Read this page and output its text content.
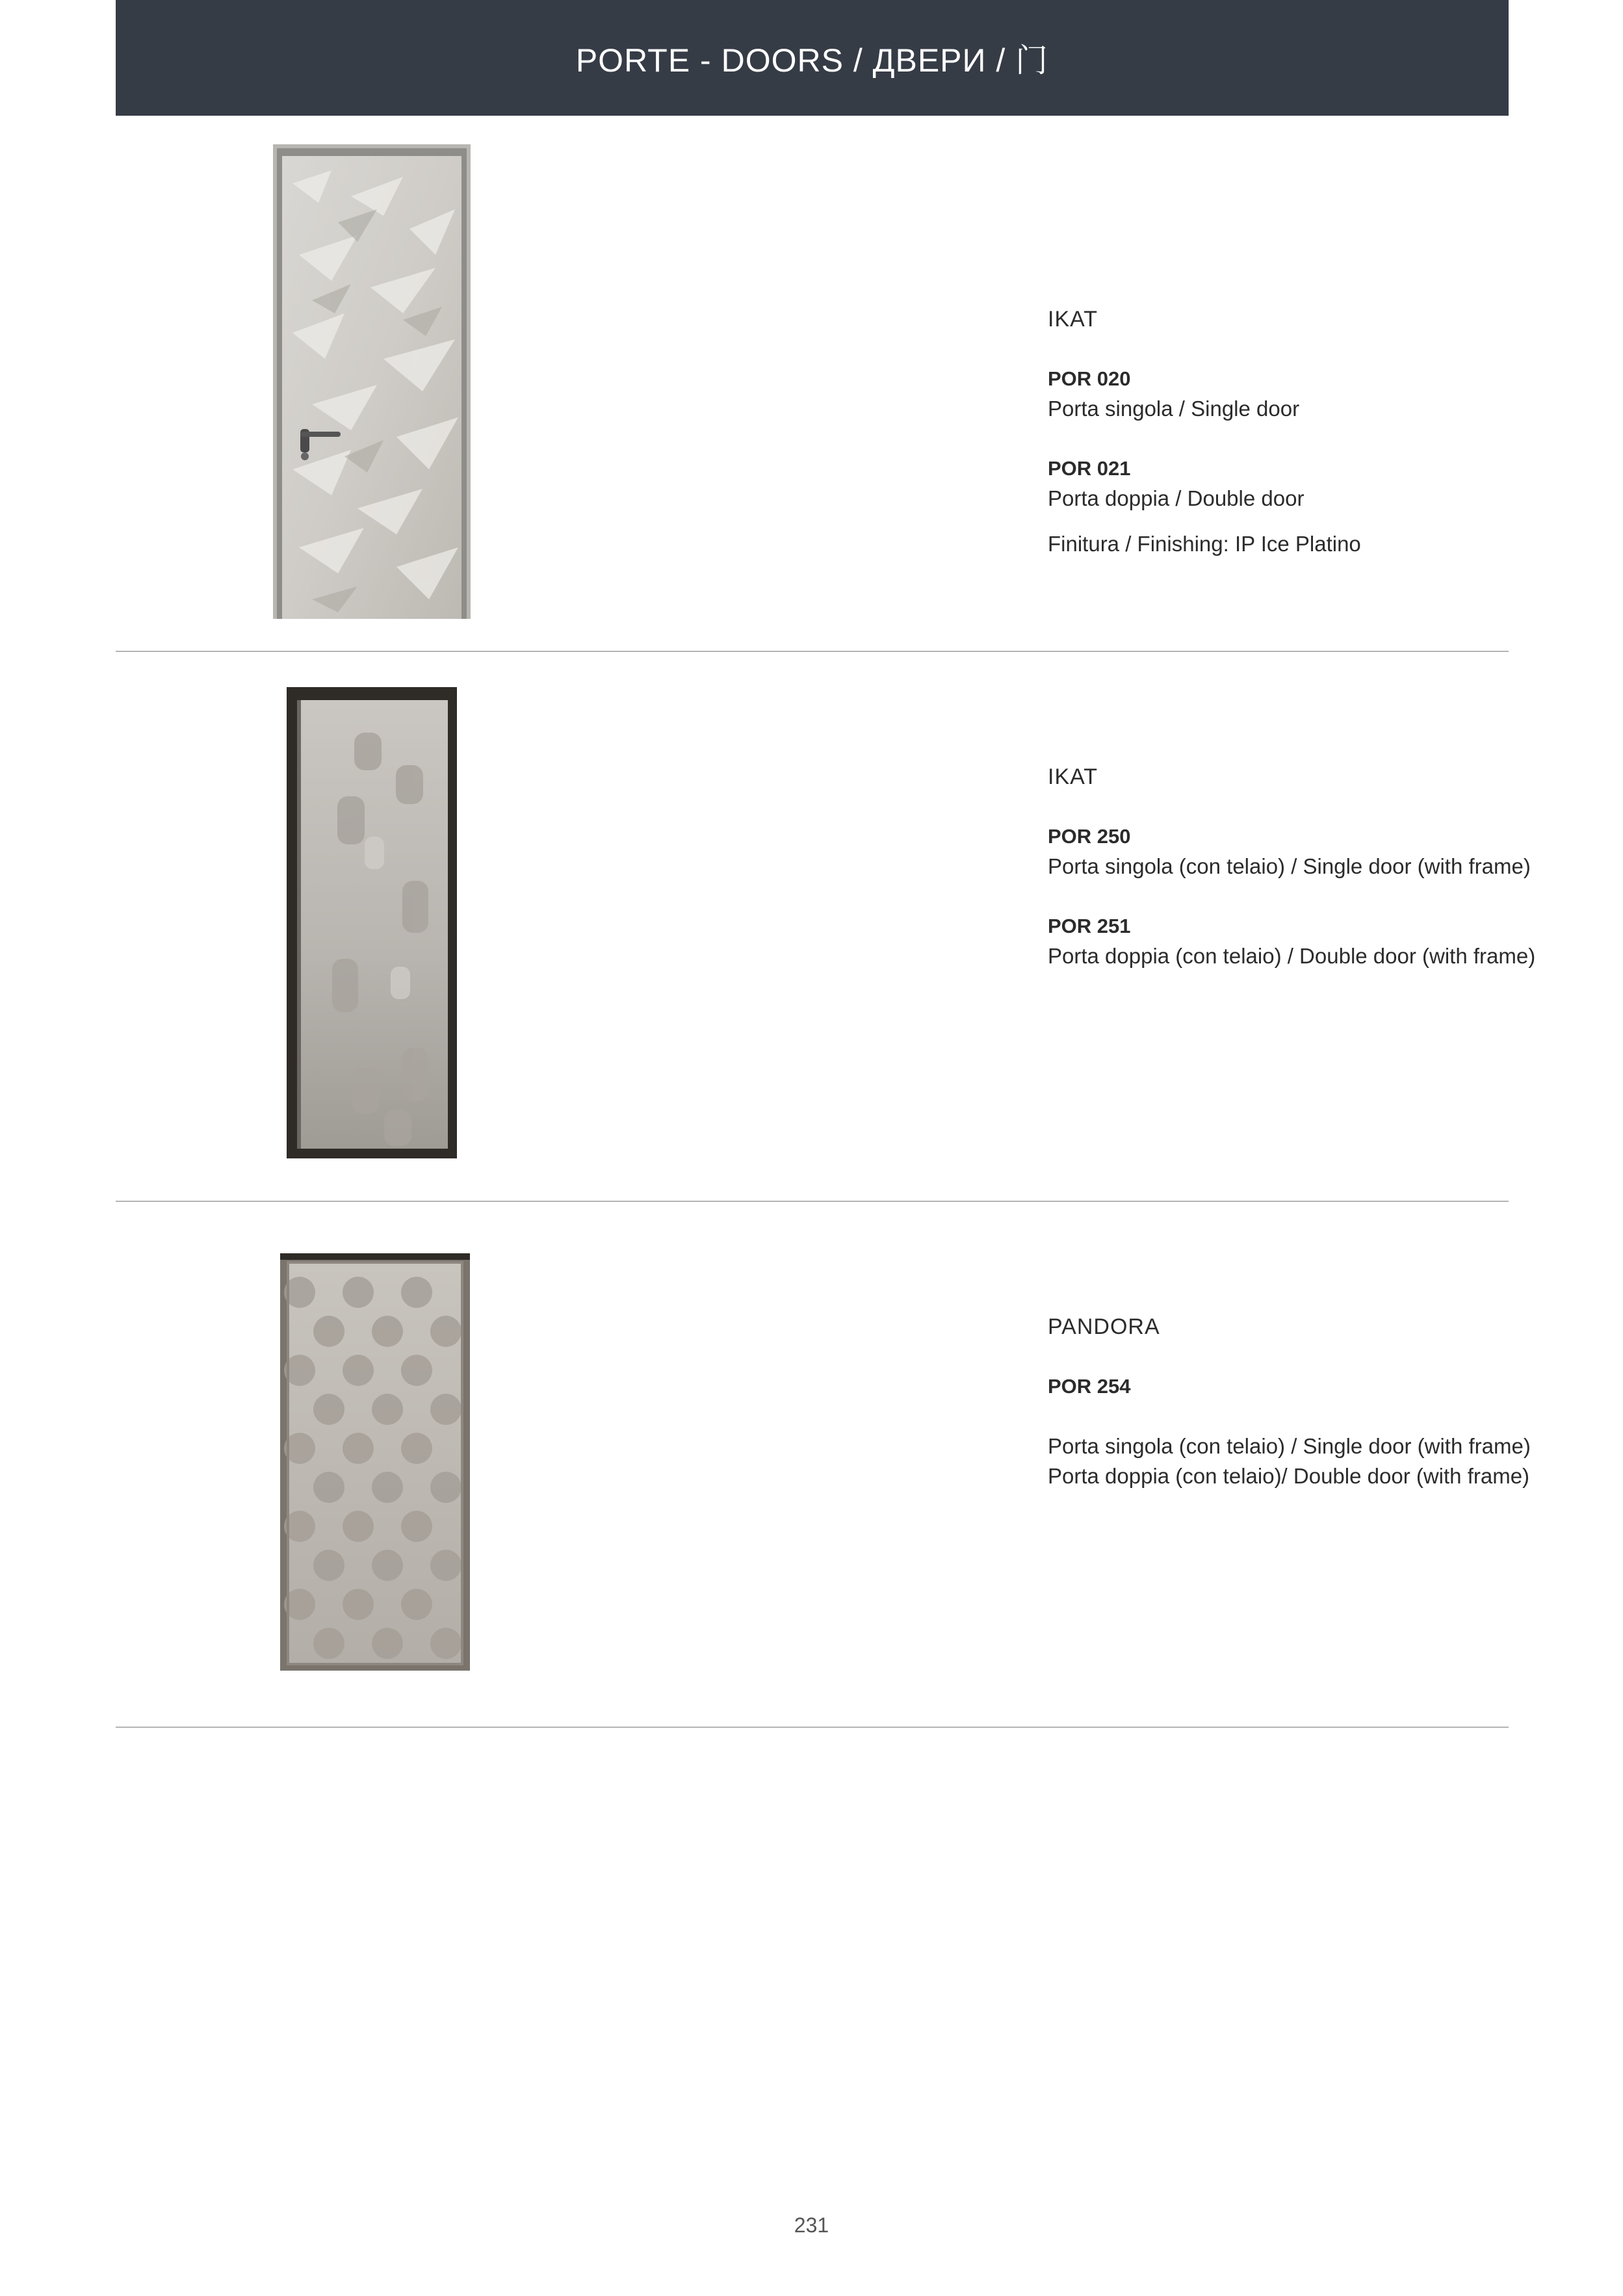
PORTE - DOORS / ДВЕРИ / 门

IKAT

POR 020

Porta singola / Single door

POR 021

Porta doppia / Double door

Finitura / Finishing: IP Ice Platino

IKAT

POR 250

Porta singola (con telaio) / Single door (with frame)

POR 251

Porta doppia (con telaio) / Double door (with frame)

PANDORA

POR 254

Porta singola (con telaio) / Single door (with frame)

Porta doppia (con telaio)/ Double door (with frame)

231
